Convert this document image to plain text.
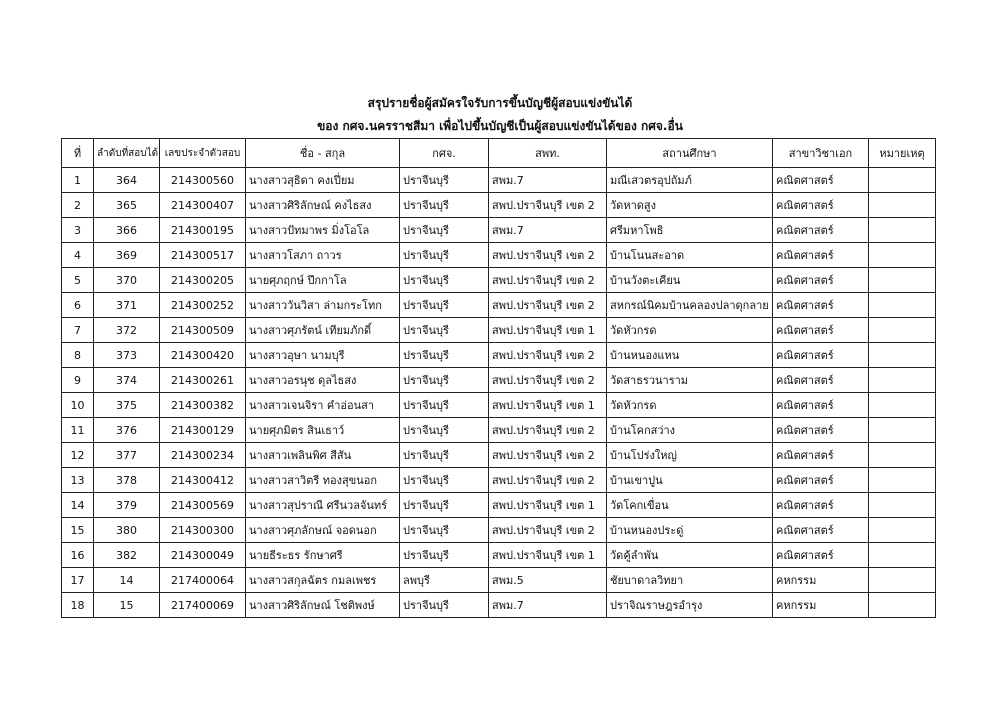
สรุปรายชื่อผู้สมัครใจรับการขึ้นบัญชีผู้สอบแข่งขันได้
ของ กศจ.นครราชสีมา เพื่อไปขึ้นบัญชีเป็นผู้สอบแข่งขันได้ของ กศจ.อื่น
ที่	ลำดับที่สอบได้	เลขประจำตัวสอบ	ชื่อ - สกุล	กศจ.	สพท.	สถานศึกษา	สาขาวิชาเอก	หมายเหตุ
1	364	214300560	นางสาวสุธิดา คงเปี่ยม	ปราจีนบุรี	สพม.7	มณีเสวตรอุปถัมภ์	คณิตศาสตร์	
2	365	214300407	นางสาวศิริลักษณ์ คงไธสง	ปราจีนบุรี	สพป.ปราจีนบุรี เขต 2	วัดหาดสูง	คณิตศาสตร์	
3	366	214300195	นางสาวปัทมาพร มิ่งโอโล	ปราจีนบุรี	สพม.7	ศรีมหาโพธิ	คณิตศาสตร์	
4	369	214300517	นางสาวโสภา ถาวร	ปราจีนบุรี	สพป.ปราจีนบุรี เขต 2	บ้านโนนสะอาด	คณิตศาสตร์	
5	370	214300205	นายศุภฤกษ์ ปึกกาโล	ปราจีนบุรี	สพป.ปราจีนบุรี เขต 2	บ้านวังตะเคียน	คณิตศาสตร์	
6	371	214300252	นางสาววันวิสา ล่ามกระโทก	ปราจีนบุรี	สพป.ปราจีนบุรี เขต 2	สหกรณ์นิคมบ้านคลองปลาดุกลาย	คณิตศาสตร์	
7	372	214300509	นางสาวศุภรัตน์ เทียมภักดิ์	ปราจีนบุรี	สพป.ปราจีนบุรี เขต 1	วัดหัวกรด	คณิตศาสตร์	
8	373	214300420	นางสาวอุษา นามบุรี	ปราจีนบุรี	สพป.ปราจีนบุรี เขต 2	บ้านหนองแหน	คณิตศาสตร์	
9	374	214300261	นางสาวอรนุช ดุลไธสง	ปราจีนบุรี	สพป.ปราจีนบุรี เขต 2	วัดสาธรวนาราม	คณิตศาสตร์	
10	375	214300382	นางสาวเจนจิรา คำอ่อนสา	ปราจีนบุรี	สพป.ปราจีนบุรี เขต 1	วัดหัวกรด	คณิตศาสตร์	
11	376	214300129	นายศุภมิตร สินเธาว์	ปราจีนบุรี	สพป.ปราจีนบุรี เขต 2	บ้านโคกสว่าง	คณิตศาสตร์	
12	377	214300234	นางสาวเพลินพิศ สีสัน	ปราจีนบุรี	สพป.ปราจีนบุรี เขต 2	บ้านโปร่งใหญ่	คณิตศาสตร์	
13	378	214300412	นางสาวสาวิตรี ทองสุขนอก	ปราจีนบุรี	สพป.ปราจีนบุรี เขต 2	บ้านเขาปูน	คณิตศาสตร์	
14	379	214300569	นางสาวสุปราณี ศรีนวลจันทร์	ปราจีนบุรี	สพป.ปราจีนบุรี เขต 1	วัดโคกเขื่อน	คณิตศาสตร์	
15	380	214300300	นางสาวศุภลักษณ์ จอดนอก	ปราจีนบุรี	สพป.ปราจีนบุรี เขต 2	บ้านหนองประดู่	คณิตศาสตร์	
16	382	214300049	นายธีระธร รักษาศรี	ปราจีนบุรี	สพป.ปราจีนบุรี เขต 1	วัดคู้ลำพัน	คณิตศาสตร์	
17	14	217400064	นางสาวสกุลฉัตร กมลเพชร	ลพบุรี	สพม.5	ชัยบาดาลวิทยา	คหกรรม	
18	15	217400069	นางสาวศิริลักษณ์ โชติพงษ์	ปราจีนบุรี	สพม.7	ปราจิณราษฎรอำรุง	คหกรรม	
